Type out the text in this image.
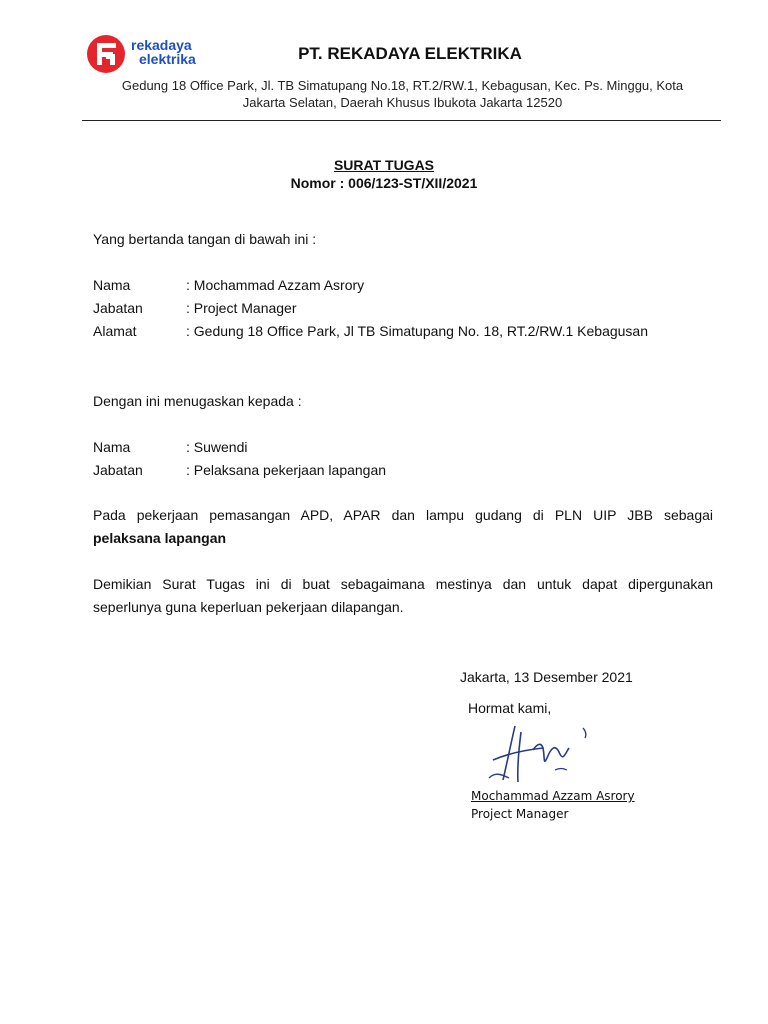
rekadaya
elektrika	PT. REKADAYA ELEKTRIKA
Gedung 18 Office Park, Jl. TB Simatupang No.18, RT.2/RW.1, Kebagusan, Kec. Ps. Minggu, Kota
Jakarta Selatan, Daerah Khusus Ibukota Jakarta 12520
SURAT TUGAS
Nomor : 006/123-ST/XII/2021
Yang bertanda tangan di bawah ini :
Nama	: Mochammad Azzam Asrory
Jabatan	: Project Manager
Alamat	: Gedung 18 Office Park, Jl TB Simatupang No. 18, RT.2/RW.1 Kebagusan
Dengan ini menugaskan kepada :
Nama	: Suwendi
Jabatan	: Pelaksana pekerjaan lapangan
Pada pekerjaan pemasangan APD, APAR dan lampu gudang di PLN UIP JBB sebagai
pelaksana lapangan
Demikian Surat Tugas ini di buat sebagaimana mestinya dan untuk dapat dipergunakan
seperlunya guna keperluan pekerjaan dilapangan.
Jakarta, 13 Desember 2021
Hormat kami,
Mochammad Azzam Asrory
Project Manager
